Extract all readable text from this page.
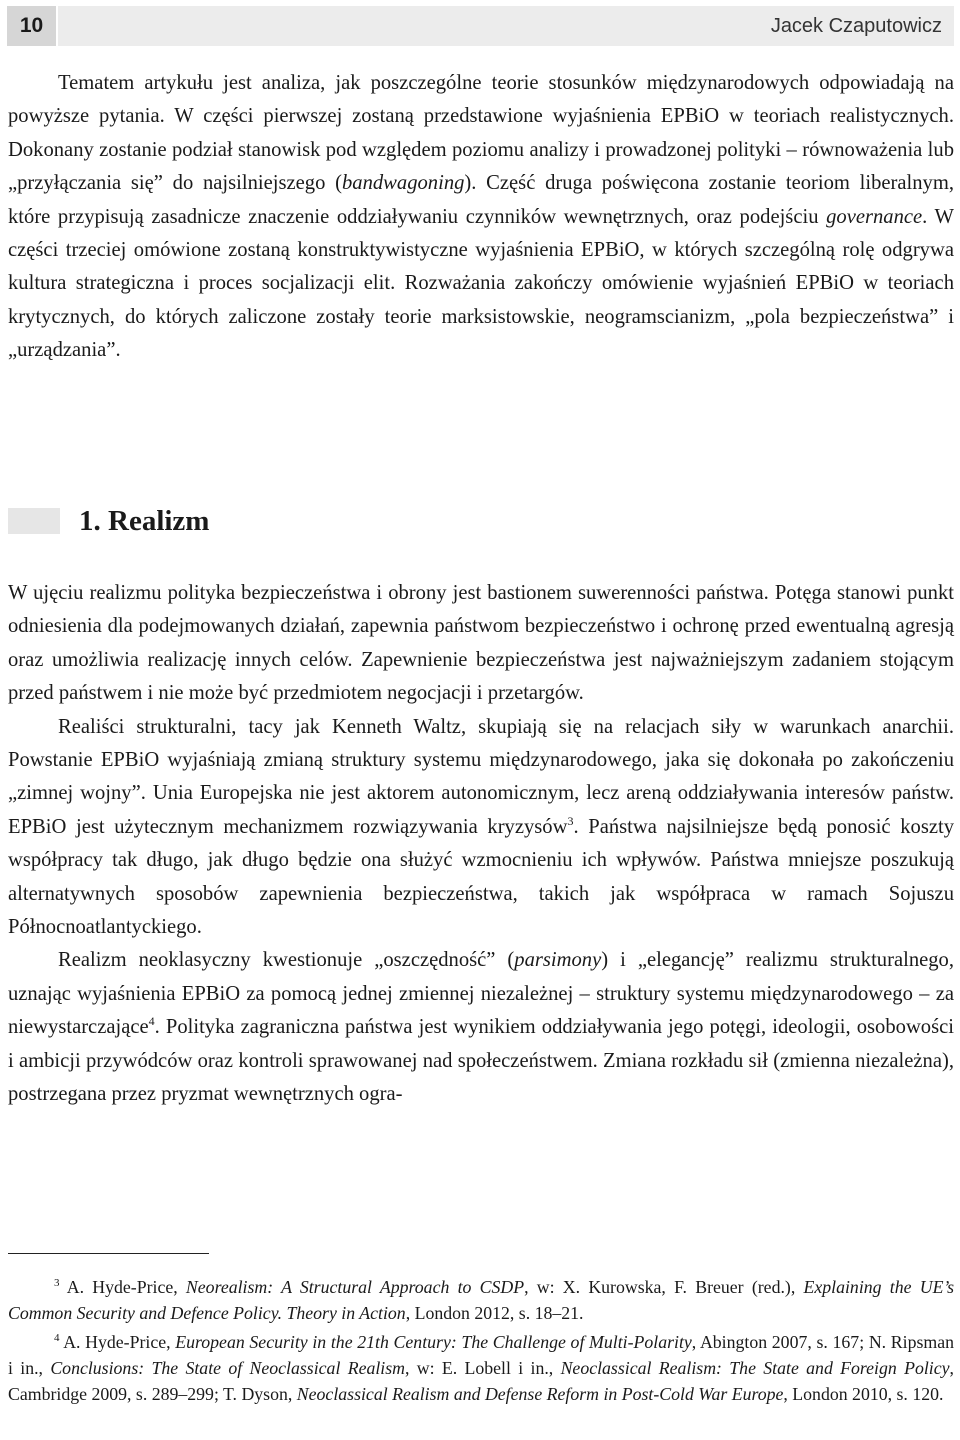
10	Jacek Czaputowicz

Tematem artykułu jest analiza, jak poszczególne teorie stosunków międzynarodowych odpowiadają na powyższe pytania. W części pierwszej zostaną przedstawione wyjaśnienia EPBiO w teoriach realistycznych. Dokonany zostanie podział stanowisk pod względem poziomu analizy i prowadzonej polityki – równoważenia lub „przyłączania się” do najsilniejszego (bandwagoning). Część druga poświęcona zostanie teoriom liberalnym, które przypisują zasadnicze znaczenie oddziaływaniu czynników wewnętrznych, oraz podejściu governance. W części trzeciej omówione zostaną konstruktywistyczne wyjaśnienia EPBiO, w których szczególną rolę odgrywa kultura strategiczna i proces socjalizacji elit. Rozważania zakończy omówienie wyjaśnień EPBiO w teoriach krytycznych, do których zaliczone zostały teorie marksistowskie, neogramscianizm, „pola bezpieczeństwa” i „urządzania”.

1. Realizm

W ujęciu realizmu polityka bezpieczeństwa i obrony jest bastionem suwerenności państwa. Potęga stanowi punkt odniesienia dla podejmowanych działań, zapewnia państwom bezpieczeństwo i ochronę przed ewentualną agresją oraz umożliwia realizację innych celów. Zapewnienie bezpieczeństwa jest najważniejszym zadaniem stojącym przed państwem i nie może być przedmiotem negocjacji i przetargów.

Realiści strukturalni, tacy jak Kenneth Waltz, skupiają się na relacjach siły w warunkach anarchii. Powstanie EPBiO wyjaśniają zmianą struktury systemu międzynarodowego, jaka się dokonała po zakończeniu „zimnej wojny”. Unia Europejska nie jest aktorem autonomicznym, lecz areną oddziaływania interesów państw. EPBiO jest użytecznym mechanizmem rozwiązywania kryzysów$^3$. Państwa najsilniejsze będą ponosić koszty współpracy tak długo, jak długo będzie ona służyć wzmocnieniu ich wpływów. Państwa mniejsze poszukują alternatywnych sposobów zapewnienia bezpieczeństwa, takich jak współpraca w ramach Sojuszu Północnoatlantyckiego.

Realizm neoklasyczny kwestionuje „oszczędność” (parsimony) i „elegancję” realizmu strukturalnego, uznając wyjaśnienia EPBiO za pomocą jednej zmiennej niezależnej – struktury systemu międzynarodowego – za niewystarczające$^4$. Polityka zagraniczna państwa jest wynikiem oddziaływania jego potęgi, ideologii, osobowości i ambicji przywódców oraz kontroli sprawowanej nad społeczeństwem. Zmiana rozkładu sił (zmienna niezależna), postrzegana przez pryzmat wewnętrznych ogra-

$^3$ A. Hyde-Price, Neorealism: A Structural Approach to CSDP, w: X. Kurowska, F. Breuer (red.), Explaining the UE’s Common Security and Defence Policy. Theory in Action, London 2012, s. 18–21.

$^4$ A. Hyde-Price, European Security in the 21th Century: The Challenge of Multi-Polarity, Abington 2007, s. 167; N. Ripsman i in., Conclusions: The State of Neoclassical Realism, w: E. Lobell i in., Neoclassical Realism: The State and Foreign Policy, Cambridge 2009, s. 289–299; T. Dyson, Neoclassical Realism and Defense Reform in Post-Cold War Europe, London 2010, s. 120.
